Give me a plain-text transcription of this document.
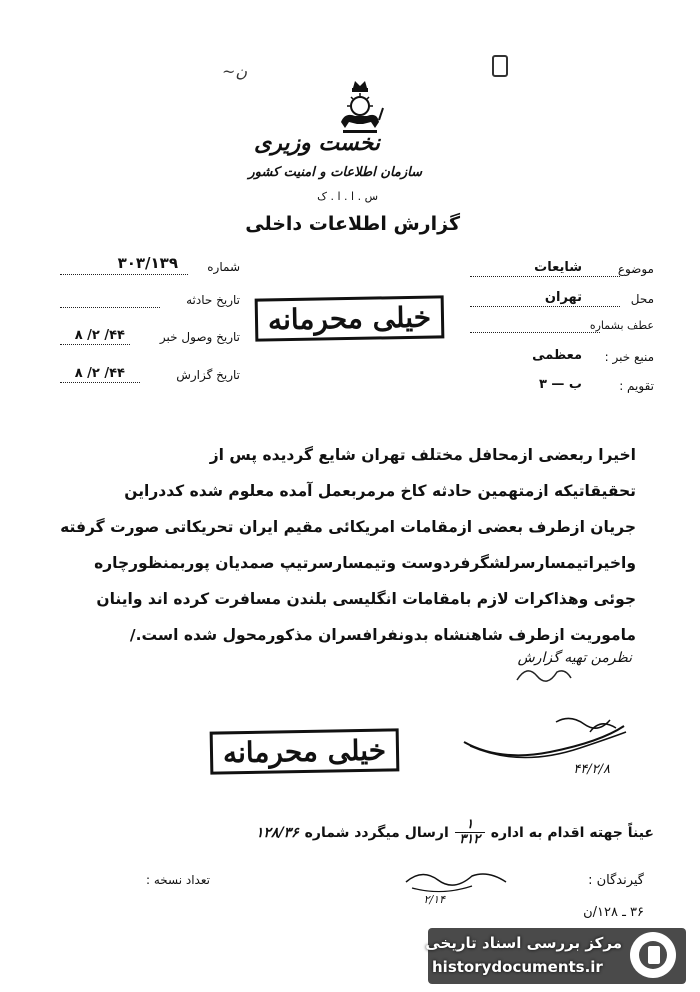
~ن
نخست وزیری
سازمان اطلاعات و امنیت کشور
س . ا . ا . ک
گزارش اطلاعات داخلی
موضوع
شایعات
محل
تهران
عطف بشماره
منبع خبر :
معظمی
تقویم :
ب — ۳
شماره
۳۰۳/۱۳۹
تاریخ حادثه
تاریخ وصول خبر
۴۴/ ۲/ ۸
تاریخ گزارش
۴۴/ ۲/ ۸
خیلی محرمانه
اخیرا ربعضی ازمحافل مختلف تهران شایع گردیده پس از
تحقیقاتیکه ازمتهمین حادثه کاخ مرمربعمل آمده معلوم شده کددراین
جریان ازطرف بعضی ازمقامات امریکائی مقیم ایران تحریکاتی صورت گرفته
واخیراتیمسارسرلشگرفردوست وتیمسارسرتیپ صمدیان پوربمنظورچاره
جوئی وهذاکرات لازم بامقامات انگلیسی بلندن مسافرت کرده اند واینان
ماموریت ازطرف شاهنشاه بدونفرافسران مذکورمحول شده است./
نظرمن تهیه گزارش
خیلی محرمانه
۴۴/۲/۸
عیناً جهته اقدام به اداره
۱
۳۱۲
ارسال میگردد شماره
۱۲۸/۳۶
گیرندگان :
تعداد نسخه :
۲/۱۴
۳۶ ـ ۱۲۸/ن
مرکز بررسی اسناد تاریخی
historydocuments.ir
